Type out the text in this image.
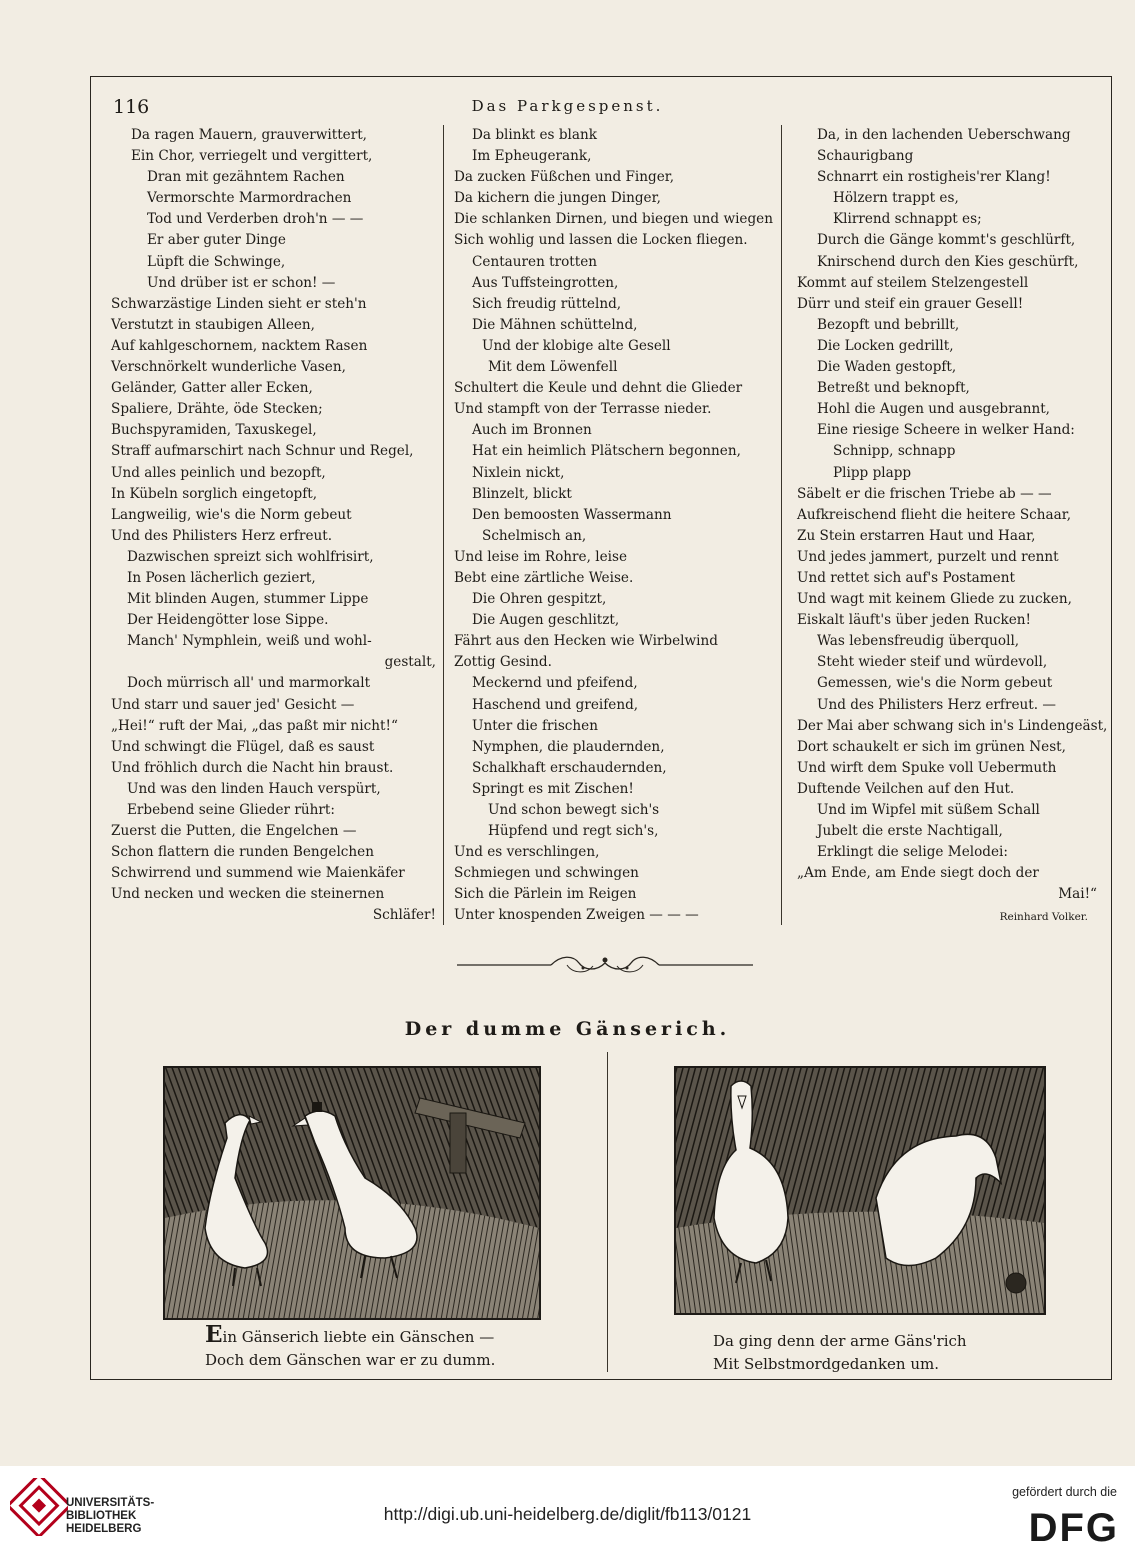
116	Das Parkgespenst.
Da ragen Mauern, grauverwittert,
Ein Chor, verriegelt und vergittert,
Dran mit gezähntem Rachen
Vermorschte Marmordrachen
Tod und Verderben droh'n — —
Er aber guter Dinge
Lüpft die Schwinge,
Und drüber ist er schon! —
Schwarzästige Linden sieht er steh'n
Verstutzt in staubigen Alleen,
Auf kahlgeschornem, nacktem Rasen
Verschnörkelt wunderliche Vasen,
Geländer, Gatter aller Ecken,
Spaliere, Drähte, öde Stecken;
Buchspyramiden, Taxuskegel,
Straff aufmarschirt nach Schnur und Regel,
Und alles peinlich und bezopft,
In Kübeln sorglich eingetopft,
Langweilig, wie's die Norm gebeut
Und des Philisters Herz erfreut.
Dazwischen spreizt sich wohlfrisirt,
In Posen lächerlich geziert,
Mit blinden Augen, stummer Lippe
Der Heidengötter lose Sippe.
Manch' Nymphlein, weiß und wohl-
gestalt,
Doch mürrisch all' und marmorkalt
Und starr und sauer jed' Gesicht —
„Hei!“ ruft der Mai, „das paßt mir nicht!“
Und schwingt die Flügel, daß es saust
Und fröhlich durch die Nacht hin braust.
Und was den linden Hauch verspürt,
Erbebend seine Glieder rührt:
Zuerst die Putten, die Engelchen —
Schon flattern die runden Bengelchen
Schwirrend und summend wie Maienkäfer
Und necken und wecken die steinernen
Schläfer!
Da blinkt es blank
Im Epheugerank,
Da zucken Füßchen und Finger,
Da kichern die jungen Dinger,
Die schlanken Dirnen, und biegen und wiegen
Sich wohlig und lassen die Locken fliegen.
Centauren trotten
Aus Tuffsteingrotten,
Sich freudig rüttelnd,
Die Mähnen schüttelnd,
Und der klobige alte Gesell
Mit dem Löwenfell
Schultert die Keule und dehnt die Glieder
Und stampft von der Terrasse nieder.
Auch im Bronnen
Hat ein heimlich Plätschern begonnen,
Nixlein nickt,
Blinzelt, blickt
Den bemoosten Wassermann
Schelmisch an,
Und leise im Rohre, leise
Bebt eine zärtliche Weise.
Die Ohren gespitzt,
Die Augen geschlitzt,
Fährt aus den Hecken wie Wirbelwind
Zottig Gesind.
Meckernd und pfeifend,
Haschend und greifend,
Unter die frischen
Nymphen, die plaudernden,
Schalkhaft erschaudernden,
Springt es mit Zischen!
Und schon bewegt sich's
Hüpfend und regt sich's,
Und es verschlingen,
Schmiegen und schwingen
Sich die Pärlein im Reigen
Unter knospenden Zweigen — — —
Da, in den lachenden Ueberschwang
Schaurigbang
Schnarrt ein rostigheis'rer Klang!
Hölzern trappt es,
Klirrend schnappt es;
Durch die Gänge kommt's geschlürft,
Knirschend durch den Kies geschürft,
Kommt auf steilem Stelzengestell
Dürr und steif ein grauer Gesell!
Bezopft und bebrillt,
Die Locken gedrillt,
Die Waden gestopft,
Betreßt und beknopft,
Hohl die Augen und ausgebrannt,
Eine riesige Scheere in welker Hand:
Schnipp, schnapp
Plipp plapp
Säbelt er die frischen Triebe ab — —
Aufkreischend flieht die heitere Schaar,
Zu Stein erstarren Haut und Haar,
Und jedes jammert, purzelt und rennt
Und rettet sich auf's Postament
Und wagt mit keinem Gliede zu zucken,
Eiskalt läuft's über jeden Rucken!
Was lebensfreudig überquoll,
Steht wieder steif und würdevoll,
Gemessen, wie's die Norm gebeut
Und des Philisters Herz erfreut. —
Der Mai aber schwang sich in's Lindengeäst,
Dort schaukelt er sich im grünen Nest,
Und wirft dem Spuke voll Uebermuth
Duftende Veilchen auf den Hut.
Und im Wipfel mit süßem Schall
Jubelt die erste Nachtigall,
Erklingt die selige Melodei:
„Am Ende, am Ende siegt doch der
Mai!“
Reinhard Volker.
Der dumme Gänserich.
Ein Gänserich liebte ein Gänschen —
Doch dem Gänschen war er zu dumm.
Da ging denn der arme Gäns'rich
Mit Selbstmordgedanken um.
UNIVERSITÄTS-
BIBLIOTHEK
HEIDELBERG
http://digi.ub.uni-heidelberg.de/diglit/fb113/0121
gefördert durch die
DFG
